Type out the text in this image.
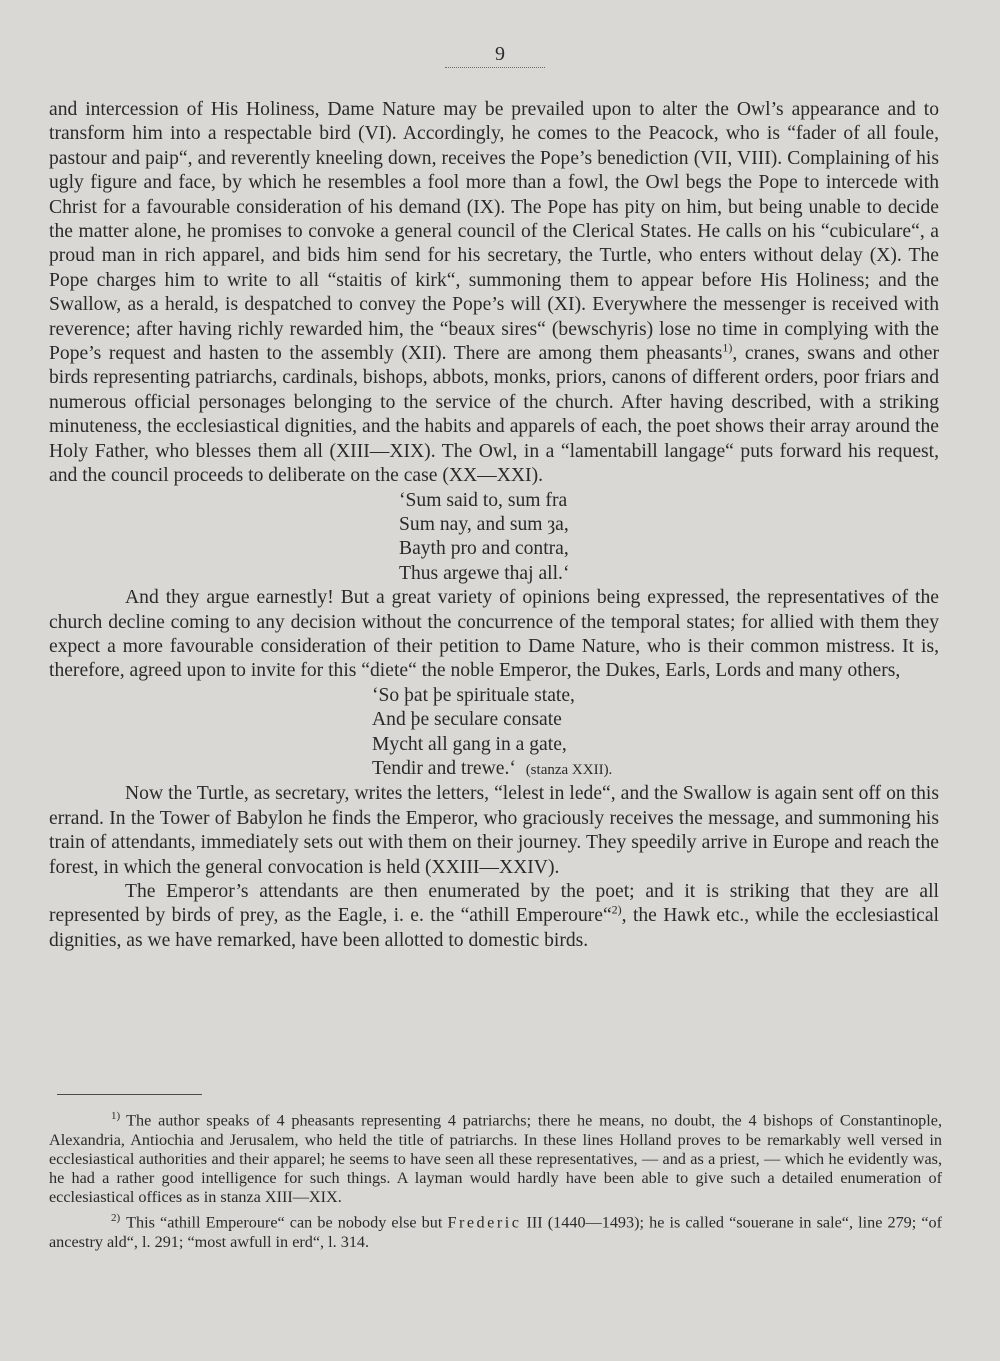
9

and intercession of His Holiness, Dame Nature may be prevailed upon to alter the Owl’s appearance and to transform him into a respectable bird (VI). Accordingly, he comes to the Peacock, who is “fader of all foule, pastour and paip“, and reverently kneeling down, receives the Pope’s benediction (VII, VIII). Complaining of his ugly figure and face, by which he resembles a fool more than a fowl, the Owl begs the Pope to intercede with Christ for a favourable consideration of his demand (IX). The Pope has pity on him, but being unable to decide the matter alone, he promises to convoke a general council of the Clerical States. He calls on his “cubiculare“, a proud man in rich apparel, and bids him send for his secretary, the Turtle, who enters without delay (X). The Pope charges him to write to all “staitis of kirk“, summoning them to appear before His Holiness; and the Swallow, as a herald, is despatched to convey the Pope’s will (XI). Everywhere the messenger is received with reverence; after having richly rewarded him, the “beaux sires“ (bewschyris) lose no time in complying with the Pope’s request and hasten to the assembly (XII). There are among them pheasants$^{1)}$, cranes, swans and other birds representing patriarchs, cardinals, bishops, abbots, monks, priors, canons of different orders, poor friars and numerous official personages belonging to the service of the church. After having described, with a striking minuteness, the ecclesiastical dignities, and the habits and apparels of each, the poet shows their array around the Holy Father, who blesses them all (XIII—XIX). The Owl, in a “lamentabill langage“ puts forward his request, and the council proceeds to deliberate on the case (XX—XXI).

‘Sum said to, sum fra
Sum nay, and sum ȝa,
Bayth pro and contra,
Thus argewe thaj all.‘

And they argue earnestly! But a great variety of opinions being expressed, the representatives of the church decline coming to any decision without the concurrence of the temporal states; for allied with them they expect a more favourable consideration of their petition to Dame Nature, who is their common mistress. It is, therefore, agreed upon to invite for this “diete“ the noble Emperor, the Dukes, Earls, Lords and many others,

‘So þat þe spirituale state,
And þe seculare consate
Mycht all gang in a gate,
Tendir and trewe.‘ (stanza XXII).

Now the Turtle, as secretary, writes the letters, “lelest in lede“, and the Swallow is again sent off on this errand. In the Tower of Babylon he finds the Emperor, who graciously receives the message, and summoning his train of attendants, immediately sets out with them on their journey. They speedily arrive in Europe and reach the forest, in which the general convocation is held (XXIII—XXIV).

The Emperor’s attendants are then enumerated by the poet; and it is striking that they are all represented by birds of prey, as the Eagle, i. e. the “athill Emperoure“$^{2)}$, the Hawk etc., while the ecclesiastical dignities, as we have remarked, have been allotted to domestic birds.

$^{1)}$ The author speaks of 4 pheasants representing 4 patriarchs; there he means, no doubt, the 4 bishops of Constantinople, Alexandria, Antiochia and Jerusalem, who held the title of patriarchs. In these lines Holland proves to be remarkably well versed in ecclesiastical authorities and their apparel; he seems to have seen all these representatives, — and as a priest, — which he evidently was, he had a rather good intelligence for such things. A layman would hardly have been able to give such a detailed enumeration of ecclesiastical offices as in stanza XIII—XIX.

$^{2)}$ This “athill Emperoure“ can be nobody else but Frederic III (1440—1493); he is called “souerane in sale“, line 279; “of ancestry ald“, l. 291; “most awfull in erd“, l. 314.
